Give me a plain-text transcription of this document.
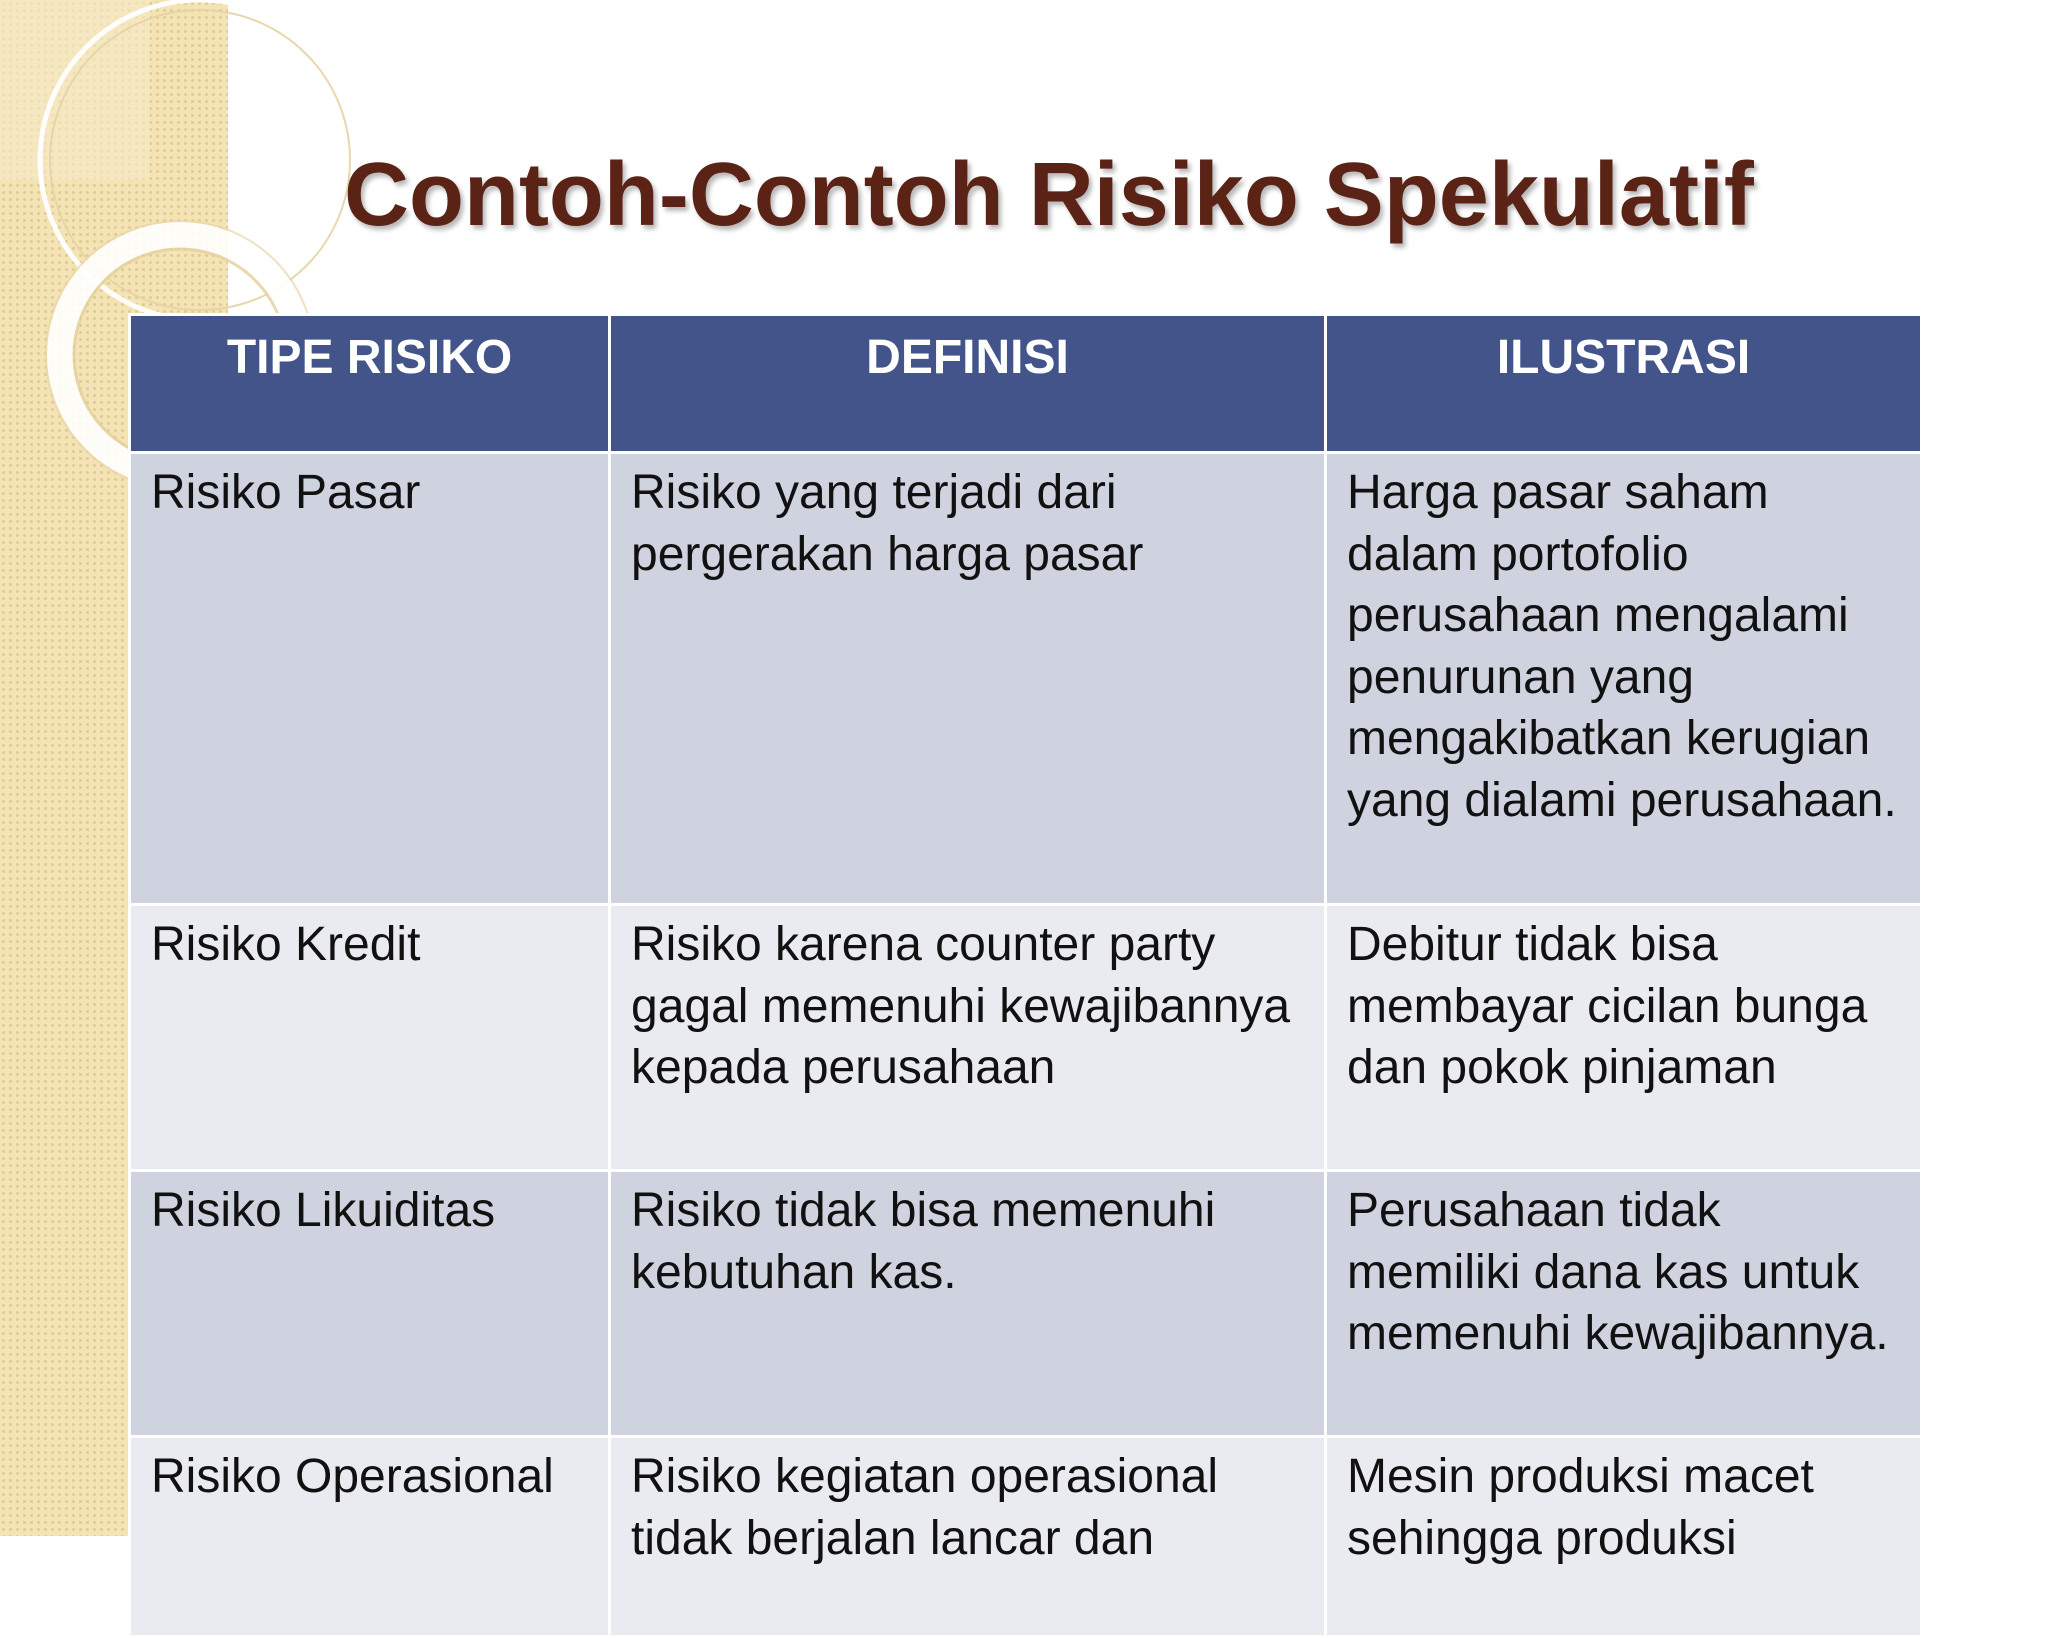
Contoh-Contoh Risiko Spekulatif
TIPE RISIKO	DEFINISI	ILUSTRASI
Risiko Pasar	Risiko yang terjadi dari pergerakan harga pasar	Harga pasar saham dalam portofolio perusahaan mengalami penurunan yang mengakibatkan kerugian yang dialami perusahaan.
Risiko Kredit	Risiko karena counter party gagal memenuhi kewajibannya kepada perusahaan	Debitur tidak bisa membayar cicilan bunga dan pokok pinjaman
Risiko Likuiditas	Risiko tidak bisa memenuhi kebutuhan kas.	Perusahaan tidak memiliki dana kas untuk memenuhi kewajibannya.
Risiko Operasional	Risiko kegiatan operasional tidak berjalan lancar dan	Mesin produksi macet sehingga produksi
